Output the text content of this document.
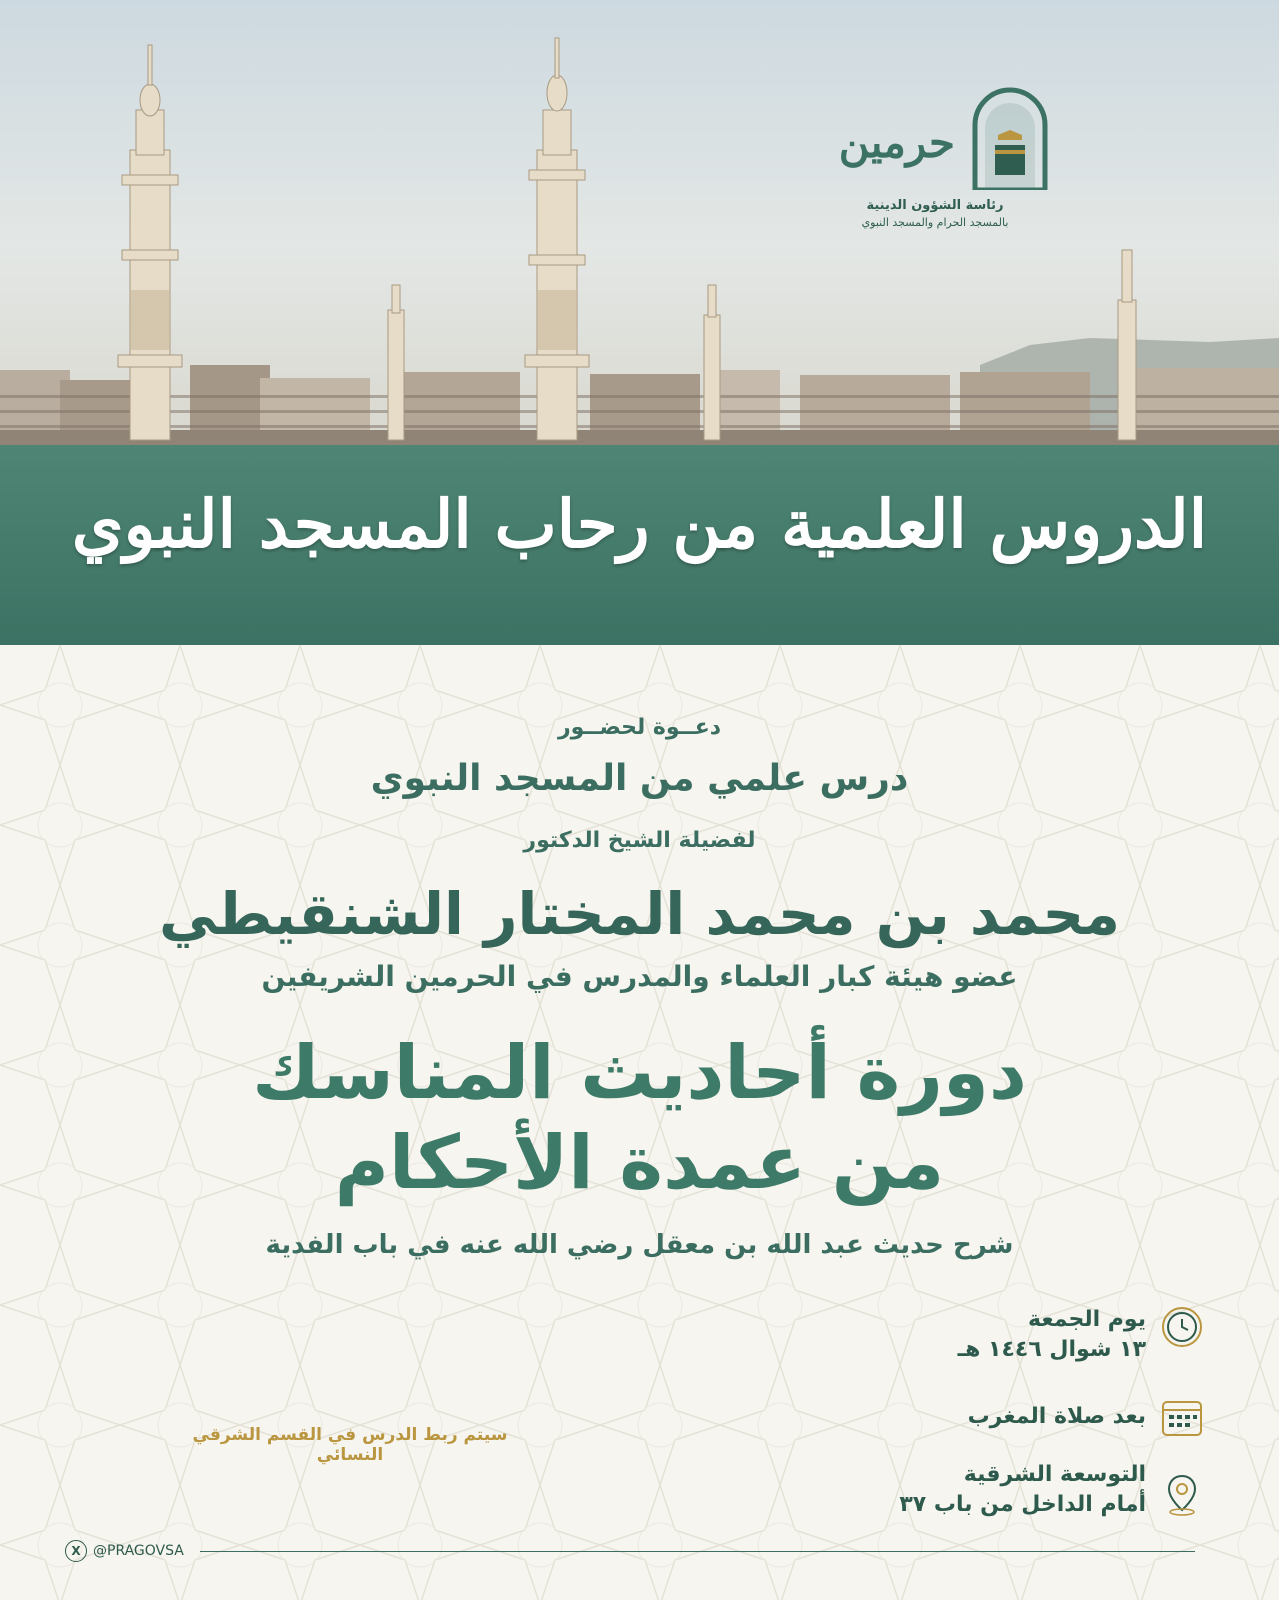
حرمين
رئاسة الشؤون الدينية
بالمسجد الحرام والمسجد النبوي
الدروس العلمية من رحاب المسجد النبوي
دعــوة لحضــور
درس علمي من المسجد النبوي
لفضيلة الشيخ الدكتور
محمد بن محمد المختار الشنقيطي
عضو هيئة كبار العلماء والمدرس في الحرمين الشريفين
دورة أحاديث المناسك
من عمدة الأحكام
شرح حديث عبد الله بن معقل رضي الله عنه في باب الفدية
يوم الجمعة
١٣ شوال ١٤٤٦ هـ
بعد صلاة المغرب
التوسعة الشرقية
أمام الداخل من باب ٣٧
سيتم ربط الدرس في القسم الشرقي النسائي
X @PRAGOVSA
